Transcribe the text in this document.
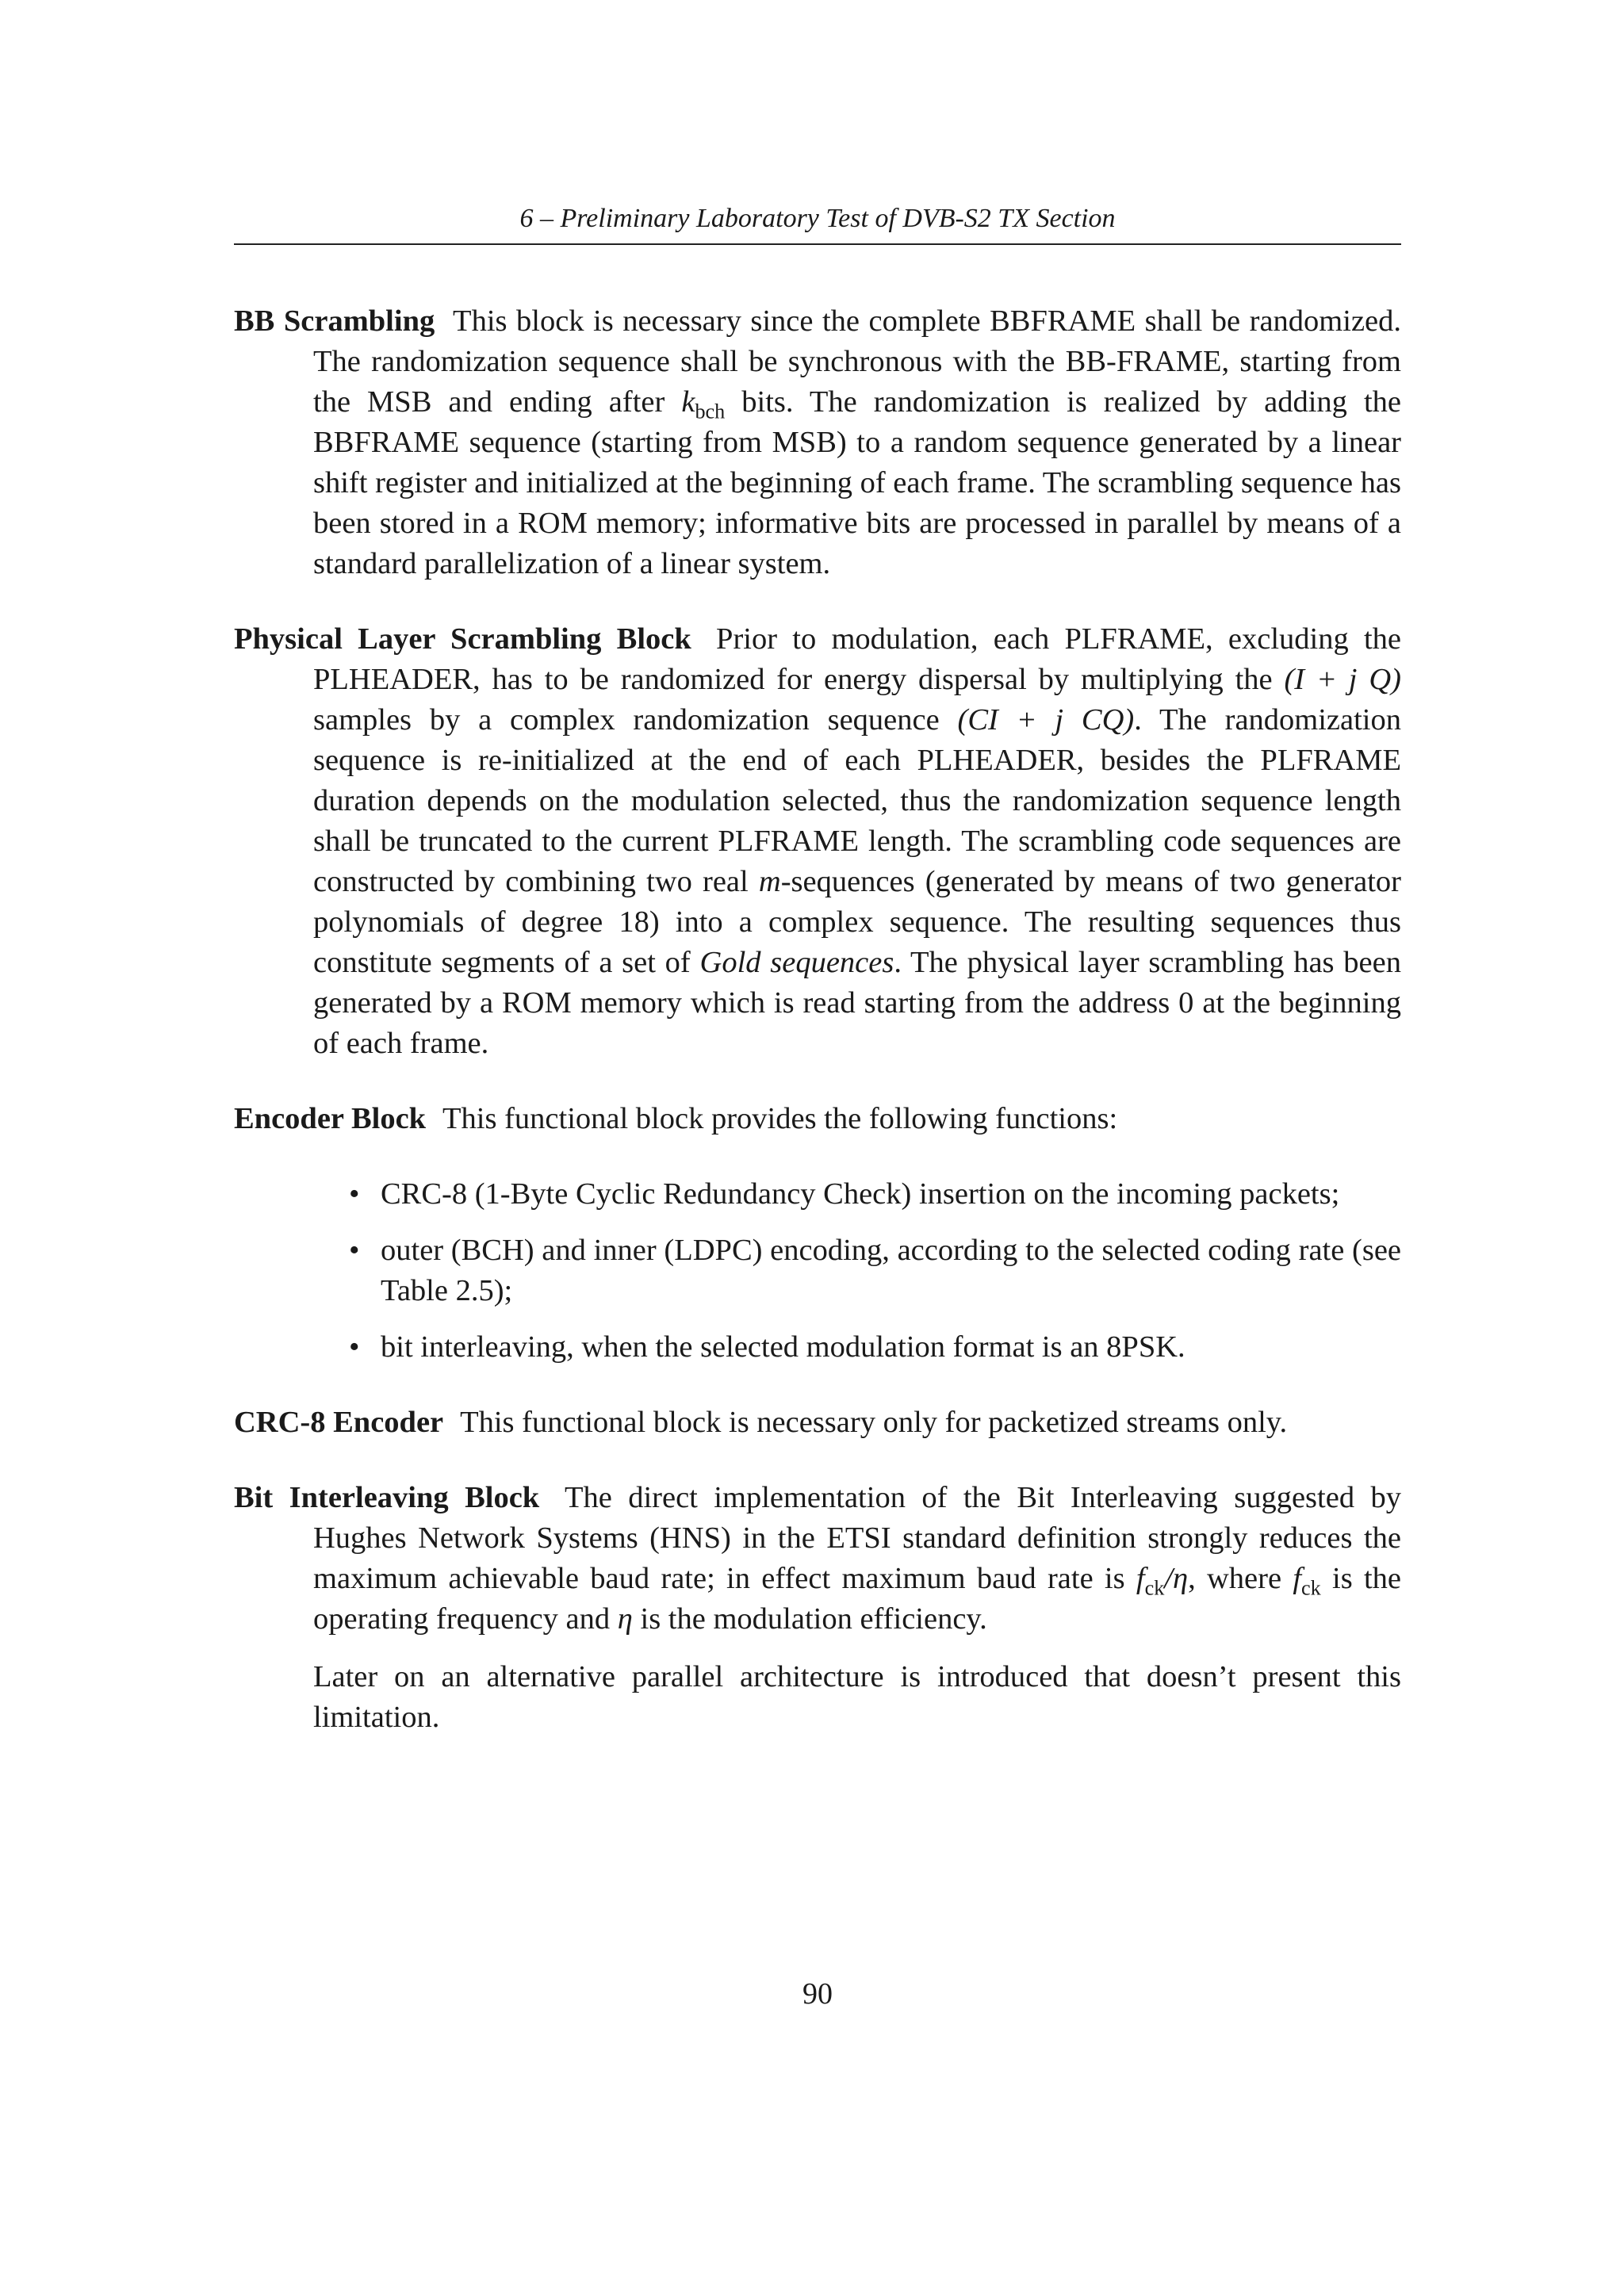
6 – Preliminary Laboratory Test of DVB-S2 TX Section

BB Scrambling This block is necessary since the complete BBFRAME shall be randomized. The randomization sequence shall be synchronous with the BB-FRAME, starting from the MSB and ending after $k_{bch}$ bits. The randomization is realized by adding the BBFRAME sequence (starting from MSB) to a random sequence generated by a linear shift register and initialized at the beginning of each frame. The scrambling sequence has been stored in a ROM memory; informative bits are processed in parallel by means of a standard parallelization of a linear system.

Physical Layer Scrambling Block Prior to modulation, each PLFRAME, excluding the PLHEADER, has to be randomized for energy dispersal by multiplying the (I + j Q) samples by a complex randomization sequence (CI + j CQ). The randomization sequence is re-initialized at the end of each PLHEADER, besides the PLFRAME duration depends on the modulation selected, thus the randomization sequence length shall be truncated to the current PLFRAME length. The scrambling code sequences are constructed by combining two real m-sequences (generated by means of two generator polynomials of degree 18) into a complex sequence. The resulting sequences thus constitute segments of a set of Gold sequences. The physical layer scrambling has been generated by a ROM memory which is read starting from the address 0 at the beginning of each frame.

Encoder Block This functional block provides the following functions:

• CRC-8 (1-Byte Cyclic Redundancy Check) insertion on the incoming packets;
• outer (BCH) and inner (LDPC) encoding, according to the selected coding rate (see Table 2.5);
• bit interleaving, when the selected modulation format is an 8PSK.

CRC-8 Encoder This functional block is necessary only for packetized streams only.

Bit Interleaving Block The direct implementation of the Bit Interleaving suggested by Hughes Network Systems (HNS) in the ETSI standard definition strongly reduces the maximum achievable baud rate; in effect maximum baud rate is $f_{ck}/\eta$, where $f_{ck}$ is the operating frequency and η is the modulation efficiency.

Later on an alternative parallel architecture is introduced that doesn’t present this limitation.

90
